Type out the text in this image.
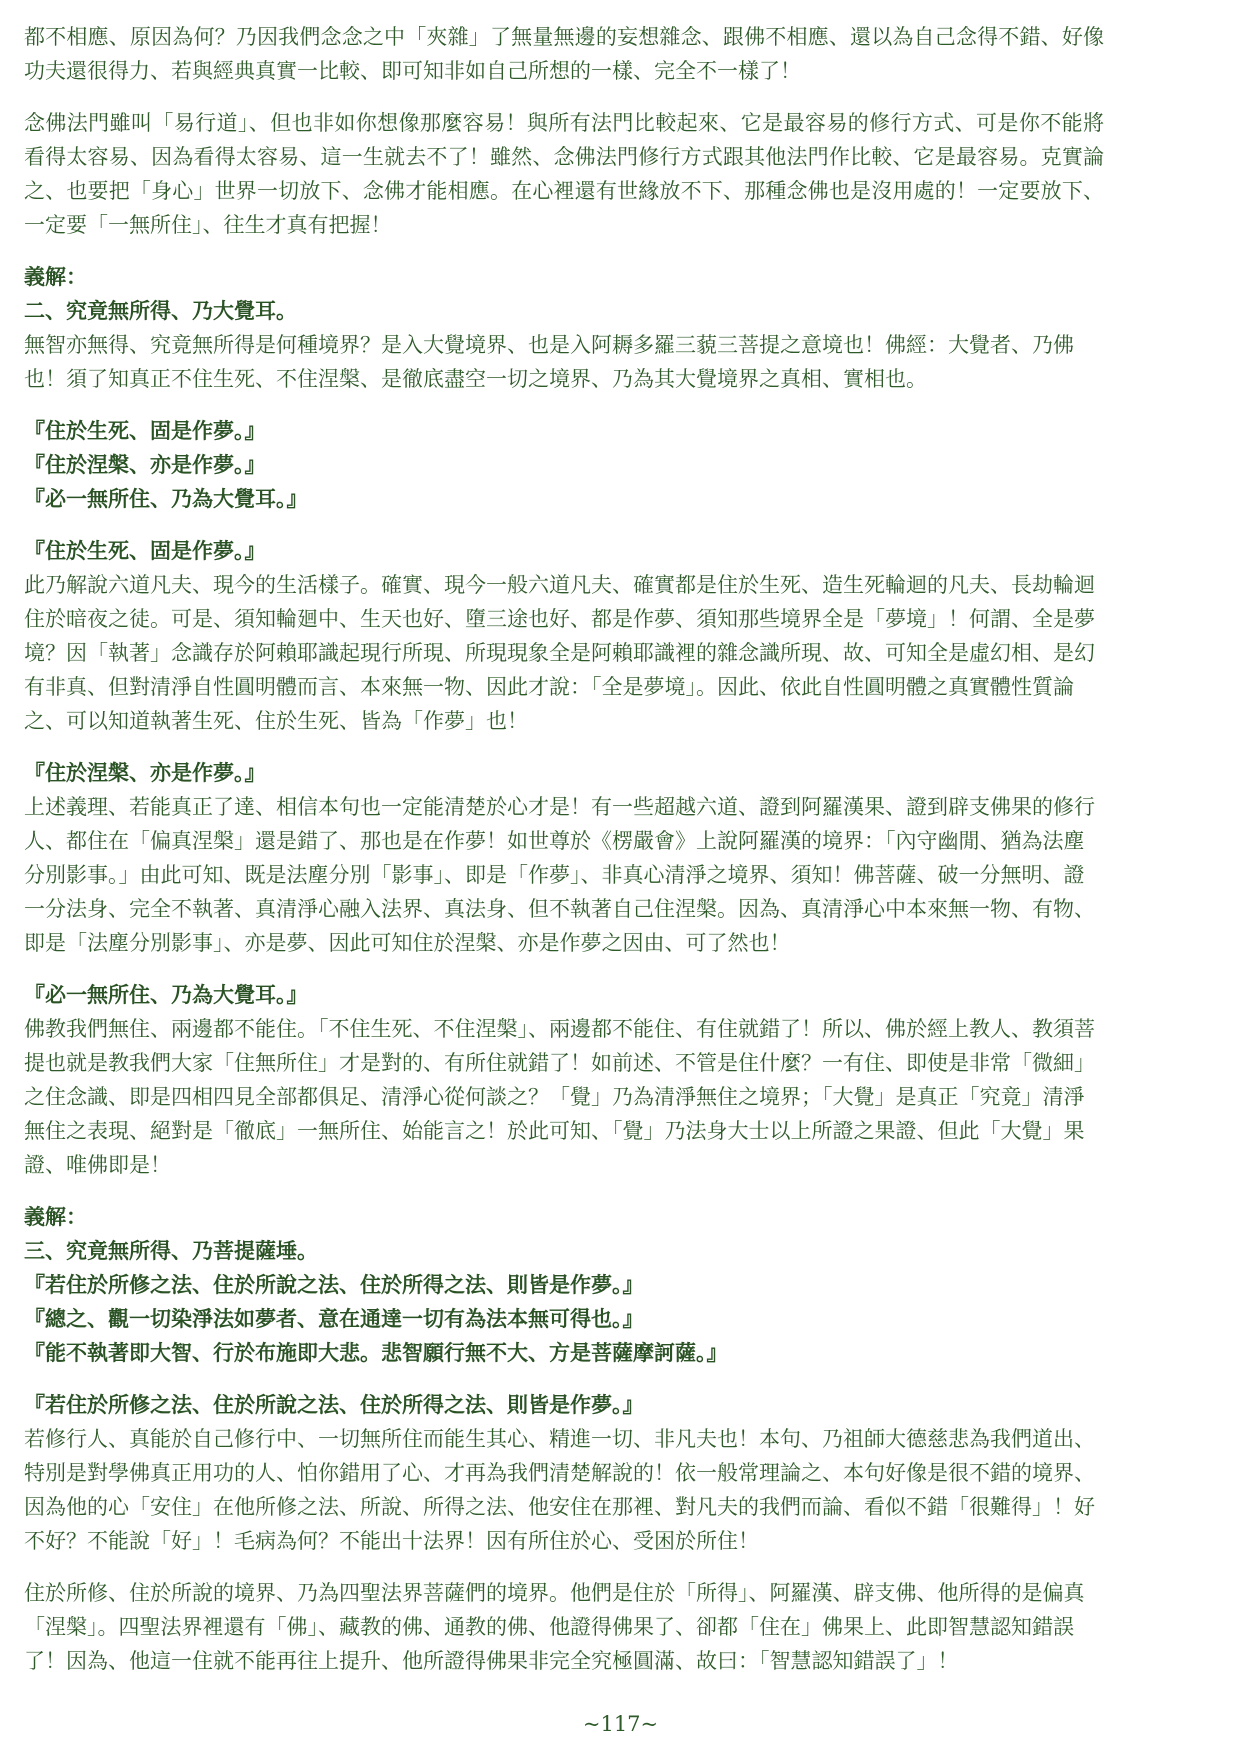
都不相應、原因為何？乃因我們念念之中「夾雜」了無量無邊的妄想雜念、跟佛不相應、還以為自己念得不錯、好像功夫還很得力、若與經典真實一比較、即可知非如自己所想的一樣、完全不一樣了！

念佛法門雖叫「易行道」、但也非如你想像那麼容易！與所有法門比較起來、它是最容易的修行方式、可是你不能將看得太容易、因為看得太容易、這一生就去不了！雖然、念佛法門修行方式跟其他法門作比較、它是最容易。克實論之、也要把「身心」世界一切放下、念佛才能相應。在心裡還有世緣放不下、那種念佛也是沒用處的！一定要放下、一定要「一無所住」、往生才真有把握！

義解：

二、究竟無所得、乃大覺耳。

無智亦無得、究竟無所得是何種境界？是入大覺境界、也是入阿耨多羅三藐三菩提之意境也！佛經：大覺者、乃佛也！須了知真正不住生死、不住涅槃、是徹底盡空一切之境界、乃為其大覺境界之真相、實相也。

『住於生死、固是作夢。』

『住於涅槃、亦是作夢。』

『必一無所住、乃為大覺耳。』

『住於生死、固是作夢。』

此乃解說六道凡夫、現今的生活樣子。確實、現今一般六道凡夫、確實都是住於生死、造生死輪迴的凡夫、長劫輪迴住於暗夜之徒。可是、須知輪廻中、生天也好、墮三途也好、都是作夢、須知那些境界全是「夢境」！何謂、全是夢境？因「執著」念識存於阿賴耶識起現行所現、所現現象全是阿賴耶識裡的雜念識所現、故、可知全是虛幻相、是幻有非真、但對清淨自性圓明體而言、本來無一物、因此才說：「全是夢境」。因此、依此自性圓明體之真實體性質論之、可以知道執著生死、住於生死、皆為「作夢」也！

『住於涅槃、亦是作夢。』

上述義理、若能真正了達、相信本句也一定能清楚於心才是！有一些超越六道、證到阿羅漢果、證到辟支佛果的修行人、都住在「偏真涅槃」還是錯了、那也是在作夢！如世尊於《楞嚴會》上說阿羅漢的境界：「內守幽閒、猶為法塵分別影事。」由此可知、既是法塵分別「影事」、即是「作夢」、非真心清淨之境界、須知！佛菩薩、破一分無明、證一分法身、完全不執著、真清淨心融入法界、真法身、但不執著自己住涅槃。因為、真清淨心中本來無一物、有物、即是「法塵分別影事」、亦是夢、因此可知住於涅槃、亦是作夢之因由、可了然也！

『必一無所住、乃為大覺耳。』

佛教我們無住、兩邊都不能住。「不住生死、不住涅槃」、兩邊都不能住、有住就錯了！所以、佛於經上教人、教須菩提也就是教我們大家「住無所住」才是對的、有所住就錯了！如前述、不管是住什麼？一有住、即使是非常「微細」之住念識、即是四相四見全部都俱足、清淨心從何談之？「覺」乃為清淨無住之境界；「大覺」是真正「究竟」清淨無住之表現、絕對是「徹底」一無所住、始能言之！於此可知、「覺」乃法身大士以上所證之果證、但此「大覺」果證、唯佛即是！

義解：

三、究竟無所得、乃菩提薩埵。

『若住於所修之法、住於所說之法、住於所得之法、則皆是作夢。』

『總之、觀一切染淨法如夢者、意在通達一切有為法本無可得也。』

『能不執著即大智、行於布施即大悲。悲智願行無不大、方是菩薩摩訶薩。』

『若住於所修之法、住於所說之法、住於所得之法、則皆是作夢。』

若修行人、真能於自己修行中、一切無所住而能生其心、精進一切、非凡夫也！本句、乃祖師大德慈悲為我們道出、特別是對學佛真正用功的人、怕你錯用了心、才再為我們清楚解說的！依一般常理論之、本句好像是很不錯的境界、因為他的心「安住」在他所修之法、所說、所得之法、他安住在那裡、對凡夫的我們而論、看似不錯「很難得」！好不好？不能說「好」！毛病為何？不能出十法界！因有所住於心、受困於所住！

住於所修、住於所說的境界、乃為四聖法界菩薩們的境界。他們是住於「所得」、阿羅漢、辟支佛、他所得的是偏真「涅槃」。四聖法界裡還有「佛」、藏教的佛、通教的佛、他證得佛果了、卻都「住在」佛果上、此即智慧認知錯誤了！因為、他這一住就不能再往上提升、他所證得佛果非完全究極圓滿、故曰：「智慧認知錯誤了」！

~117~
